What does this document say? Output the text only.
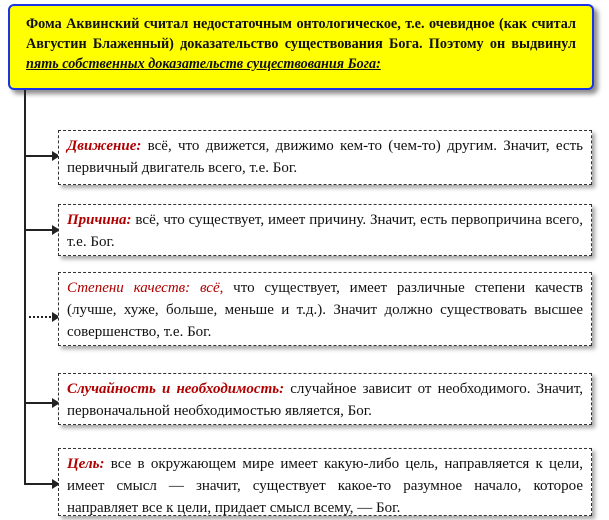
Фома Аквинский считал недостаточным онтологическое, т.е. очевидное (как считал Августин Блаженный) доказательство существования Бога. Поэтому он выдвинул пять собственных доказательств существования Бога:
Движение: всё, что движется, движимо кем-то (чем-то) другим. Значит, есть первичный двигатель всего, т.е. Бог.
Причина: всё, что существует, имеет причину. Значит, есть первопричина всего, т.е. Бог.
Степени качеств: всё, что существует, имеет различные степени качеств (лучше, хуже, больше, меньше и т.д.). Значит должно существовать высшее совершенство, т.е. Бог.
Случайность и необходимость: случайное зависит от необходимого. Значит, первоначальной необходимостью является, Бог.
Цель: все в окружающем мире имеет какую-либо цель, направляется к цели, имеет смысл — значит, существует какое-то разумное начало, которое направляет все к цели, придает смысл всему, — Бог.
